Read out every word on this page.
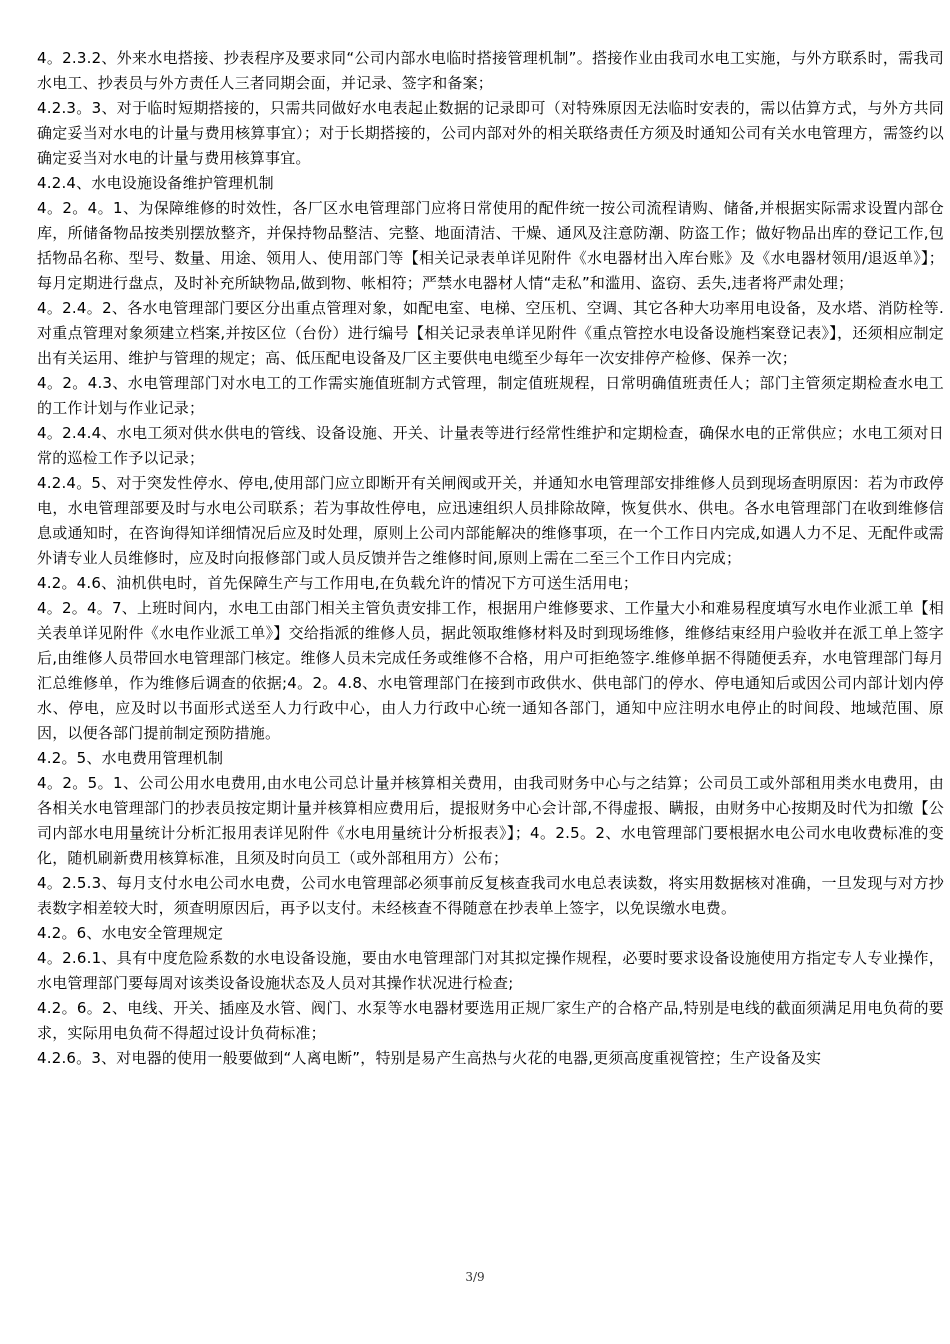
4。2.3.2、外来水电搭接、抄表程序及要求同“公司内部水电临时搭接管理机制”。搭接作业由我司水电工实施，与外方联系时，需我司水电工、抄表员与外方责任人三者同期会面，并记录、签字和备案；

4.2.3。3、对于临时短期搭接的，只需共同做好水电表起止数据的记录即可（对特殊原因无法临时安表的，需以估算方式，与外方共同确定妥当对水电的计量与费用核算事宜）；对于长期搭接的，公司内部对外的相关联络责任方须及时通知公司有关水电管理方，需签约以确定妥当对水电的计量与费用核算事宜。

4.2.4、水电设施设备维护管理机制

4。2。4。1、为保障维修的时效性，各厂区水电管理部门应将日常使用的配件统一按公司流程请购、储备,并根据实际需求设置内部仓库，所储备物品按类别摆放整齐，并保持物品整洁、完整、地面清洁、干燥、通风及注意防潮、防盗工作；做好物品出库的登记工作,包括物品名称、型号、数量、用途、领用人、使用部门等【相关记录表单详见附件《水电器材出入库台账》及《水电器材领用/退返单》】；每月定期进行盘点，及时补充所缺物品,做到物、帐相符；严禁水电器材人情“走私”和滥用、盗窃、丢失,违者将严肃处理；

4。2.4。2、各水电管理部门要区分出重点管理对象，如配电室、电梯、空压机、空调、其它各种大功率用电设备，及水塔、消防栓等.对重点管理对象须建立档案,并按区位（台份）进行编号【相关记录表单详见附件《重点管控水电设备设施档案登记表》】，还须相应制定出有关运用、维护与管理的规定；高、低压配电设备及厂区主要供电电缆至少每年一次安排停产检修、保养一次；

4。2。4.3、水电管理部门对水电工的工作需实施值班制方式管理，制定值班规程，日常明确值班责任人；部门主管须定期检查水电工的工作计划与作业记录；

4。2.4.4、水电工须对供水供电的管线、设备设施、开关、计量表等进行经常性维护和定期检查，确保水电的正常供应；水电工须对日常的巡检工作予以记录；

4.2.4。5、对于突发性停水、停电,使用部门应立即断开有关闸阀或开关，并通知水电管理部安排维修人员到现场查明原因：若为市政停电，水电管理部要及时与水电公司联系；若为事故性停电，应迅速组织人员排除故障，恢复供水、供电。各水电管理部门在收到维修信息或通知时，在咨询得知详细情况后应及时处理，原则上公司内部能解决的维修事项，在一个工作日内完成,如遇人力不足、无配件或需外请专业人员维修时，应及时向报修部门或人员反馈并告之维修时间,原则上需在二至三个工作日内完成；

4.2。4.6、油机供电时，首先保障生产与工作用电,在负载允许的情况下方可送生活用电；

4。2。4。7、上班时间内，水电工由部门相关主管负责安排工作，根据用户维修要求、工作量大小和难易程度填写水电作业派工单【相关表单详见附件《水电作业派工单》】交给指派的维修人员，据此领取维修材料及时到现场维修，维修结束经用户验收并在派工单上签字后,由维修人员带回水电管理部门核定。维修人员未完成任务或维修不合格，用户可拒绝签字.维修单据不得随便丢弃，水电管理部门每月汇总维修单，作为维修后调查的依据;4。2。4.8、水电管理部门在接到市政供水、供电部门的停水、停电通知后或因公司内部计划内停水、停电，应及时以书面形式送至人力行政中心，由人力行政中心统一通知各部门，通知中应注明水电停止的时间段、地域范围、原因，以便各部门提前制定预防措施。

4.2。5、水电费用管理机制

4。2。5。1、公司公用水电费用,由水电公司总计量并核算相关费用，由我司财务中心与之结算；公司员工或外部租用类水电费用，由各相关水电管理部门的抄表员按定期计量并核算相应费用后，提报财务中心会计部,不得虚报、瞒报，由财务中心按期及时代为扣缴【公司内部水电用量统计分析汇报用表详见附件《水电用量统计分析报表》】；4。2.5。2、水电管理部门要根据水电公司水电收费标准的变化，随机刷新费用核算标准，且须及时向员工（或外部租用方）公布；

4。2.5.3、每月支付水电公司水电费，公司水电管理部必须事前反复核查我司水电总表读数，将实用数据核对准确，一旦发现与对方抄表数字相差较大时，须查明原因后，再予以支付。未经核查不得随意在抄表单上签字，以免误缴水电费。

4.2。6、水电安全管理规定

4。2.6.1、具有中度危险系数的水电设备设施，要由水电管理部门对其拟定操作规程，必要时要求设备设施使用方指定专人专业操作，水电管理部门要每周对该类设备设施状态及人员对其操作状况进行检查;

4.2。6。2、电线、开关、插座及水管、阀门、水泵等水电器材要选用正规厂家生产的合格产品,特别是电线的截面须满足用电负荷的要求，实际用电负荷不得超过设计负荷标准；

4.2.6。3、对电器的使用一般要做到“人离电断”，特别是易产生高热与火花的电器,更须高度重视管控；生产设备及实

3/9
